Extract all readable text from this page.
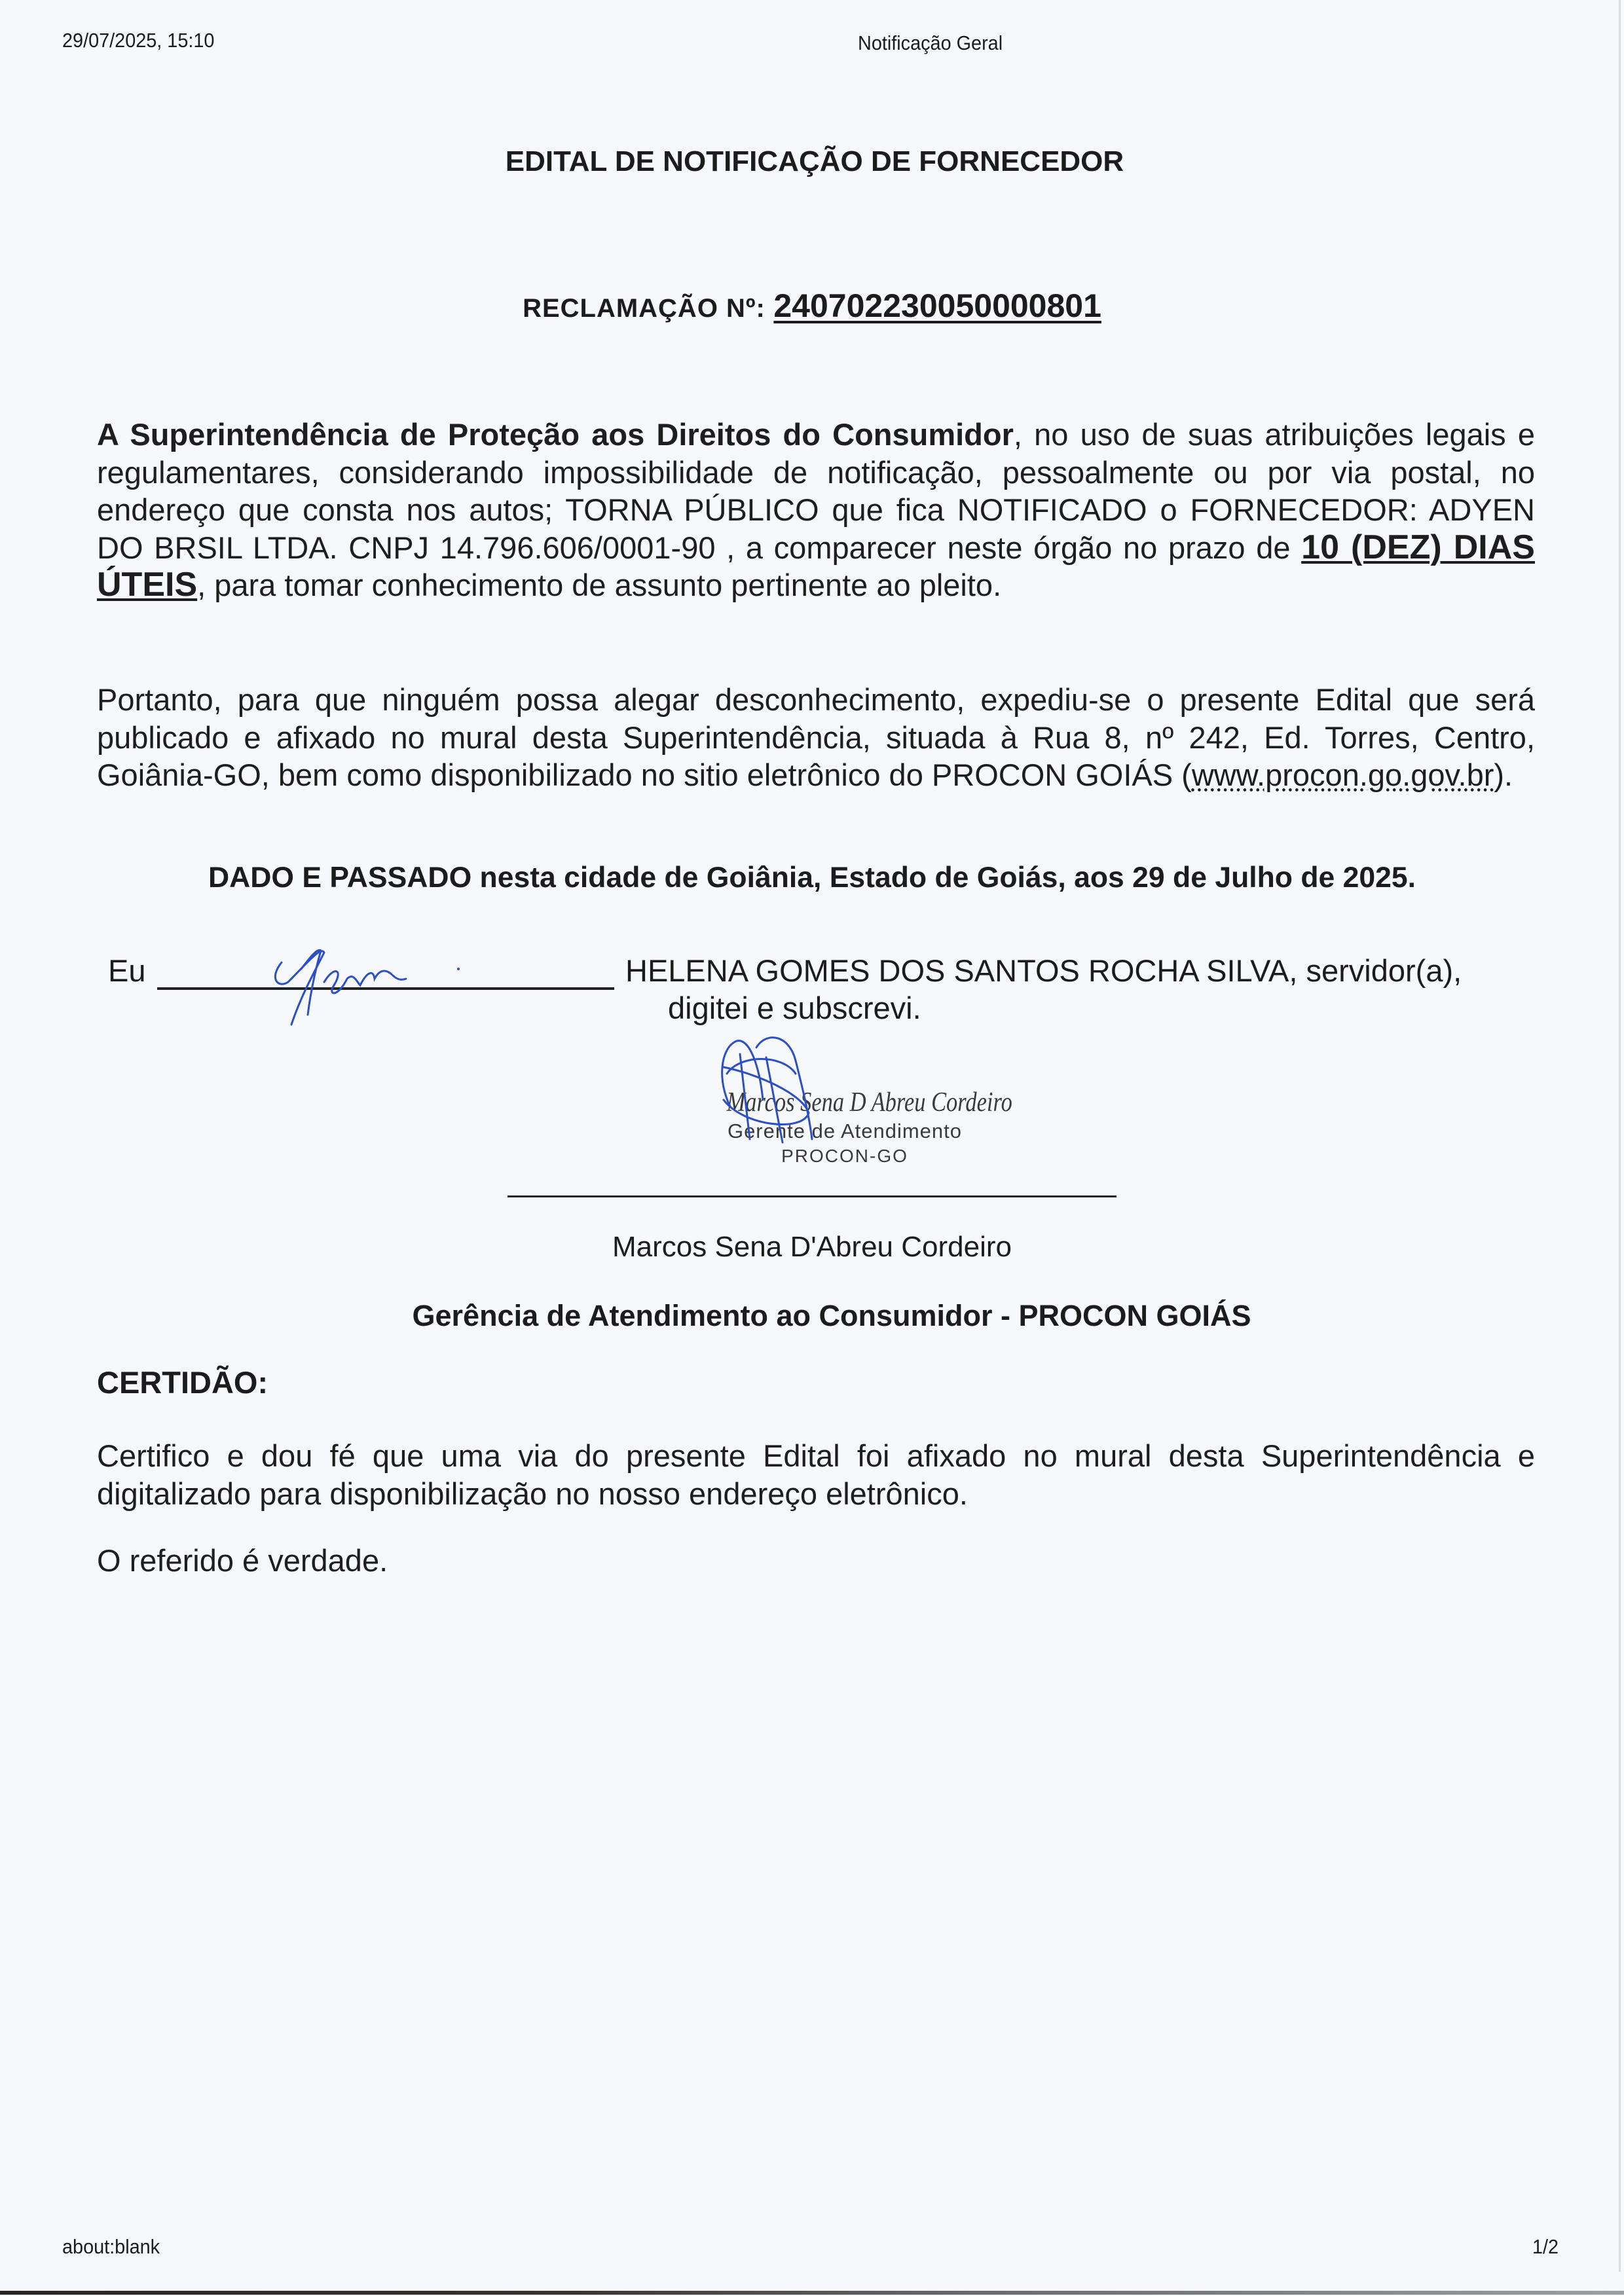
29/07/2025, 15:10	Notificação Geral
EDITAL DE NOTIFICAÇÃO DE FORNECEDOR
RECLAMAÇÃO Nº: 240702230050000801
A Superintendência de Proteção aos Direitos do Consumidor, no uso de suas atribuições legais e regulamentares, considerando impossibilidade de notificação, pessoalmente ou por via postal, no endereço que consta nos autos; TORNA PÚBLICO que fica NOTIFICADO o FORNECEDOR: ADYEN DO BRSIL LTDA. CNPJ 14.796.606/0001-90 , a comparecer neste órgão no prazo de 10 (DEZ) DIAS ÚTEIS, para tomar conhecimento de assunto pertinente ao pleito.
Portanto, para que ninguém possa alegar desconhecimento, expediu-se o presente Edital que será publicado e afixado no mural desta Superintendência, situada à Rua 8, nº 242, Ed. Torres, Centro, Goiânia-GO, bem como disponibilizado no sitio eletrônico do PROCON GOIÁS (www.procon.go.gov.br).
DADO E PASSADO nesta cidade de Goiânia, Estado de Goiás, aos 29 de Julho de 2025.
Eu	HELENA GOMES DOS SANTOS ROCHA SILVA, servidor(a),
digitei e subscrevi.
Marcos Sena D Abreu Cordeiro
Gerente de Atendimento
PROCON-GO
Marcos Sena D'Abreu Cordeiro
Gerência de Atendimento ao Consumidor - PROCON GOIÁS
CERTIDÃO:
Certifico e dou fé que uma via do presente Edital foi afixado no mural desta Superintendência e digitalizado para disponibilização no nosso endereço eletrônico.
O referido é verdade.
about:blank	1/2
